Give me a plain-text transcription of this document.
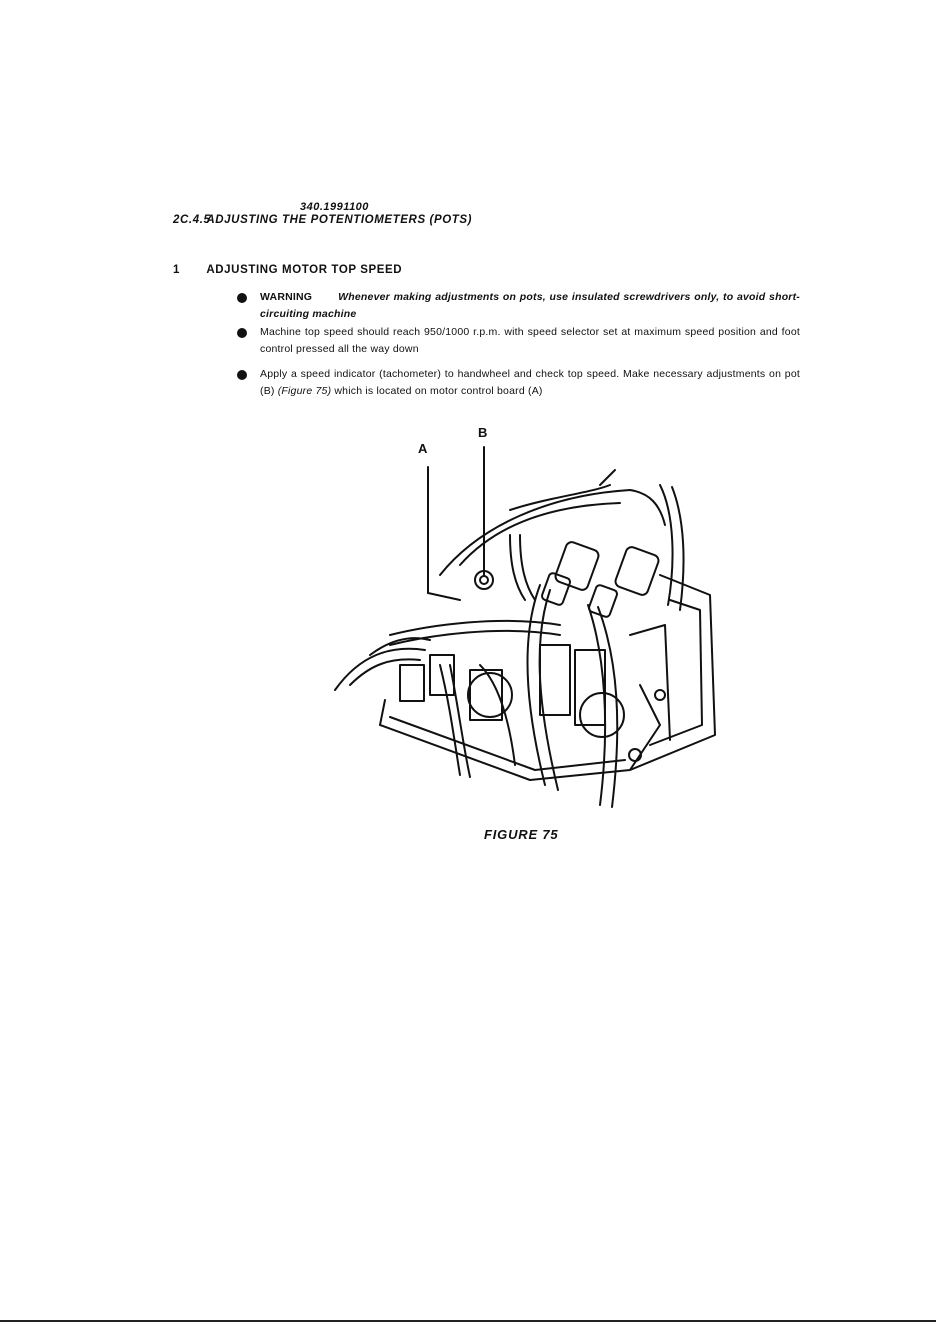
340.1991100
2C.4.5 ADJUSTING THE POTENTIOMETERS (POTS)
1 ADJUSTING MOTOR TOP SPEED
WARNING Whenever making adjustments on pots, use insulated screwdrivers only, to avoid short-circuiting machine
Machine top speed should reach 950/1000 r.p.m. with speed selector set at maximum speed position and foot control pressed all the way down
Apply a speed indicator (tachometer) to handwheel and check top speed. Make necessary adjustments on pot (B) (Figure 75) which is located on motor control board (A)
A
B
FIGURE 75
